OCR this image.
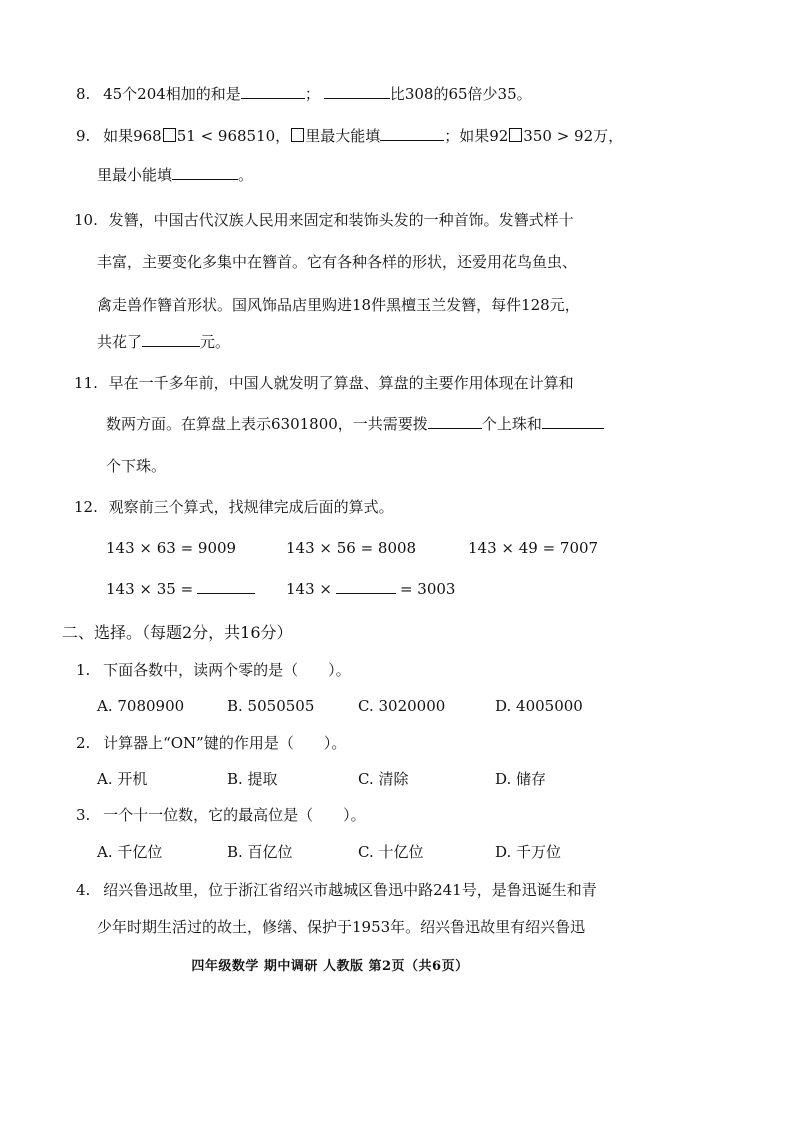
8. 45个204相加的和是	；	比308的65倍少35。
9. 如果968 51 < 968510， 里最大能填	；如果92 350 > 92万，
里最小能填	。
10. 发簪，中国古代汉族人民用来固定和装饰头发的一种首饰。发簪式样十
丰富，主要变化多集中在簪首。它有各种各样的形状，还爱用花鸟鱼虫、
禽走兽作簪首形状。国风饰品店里购进18件黑檀玉兰发簪，每件128元，
共花了	元。
11. 早在一千多年前，中国人就发明了算盘、算盘的主要作用体现在计算和
数两方面。在算盘上表示6301800，一共需要拨	个上珠和
个下珠。
12. 观察前三个算式，找规律完成后面的算式。
143 × 63 = 9009	143 × 56 = 8008	143 × 49 = 7007
143 × 35 =	143 ×	= 3003
二、选择。（每题2分，共16分）
1. 下面各数中，读两个零的是（ ）。
A. 7080900	B. 5050505	C. 3020000	D. 4005000
2. 计算器上“ON”键的作用是（ ）。
A. 开机	B. 提取	C. 清除	D. 储存
3. 一个十一位数，它的最高位是（ ）。
A. 千亿位	B. 百亿位	C. 十亿位	D. 千万位
4. 绍兴鲁迅故里，位于浙江省绍兴市越城区鲁迅中路241号，是鲁迅诞生和青
少年时期生活过的故土，修缮、保护于1953年。绍兴鲁迅故里有绍兴鲁迅
四年级数学 期中调研 人教版 第2页（共6页）
